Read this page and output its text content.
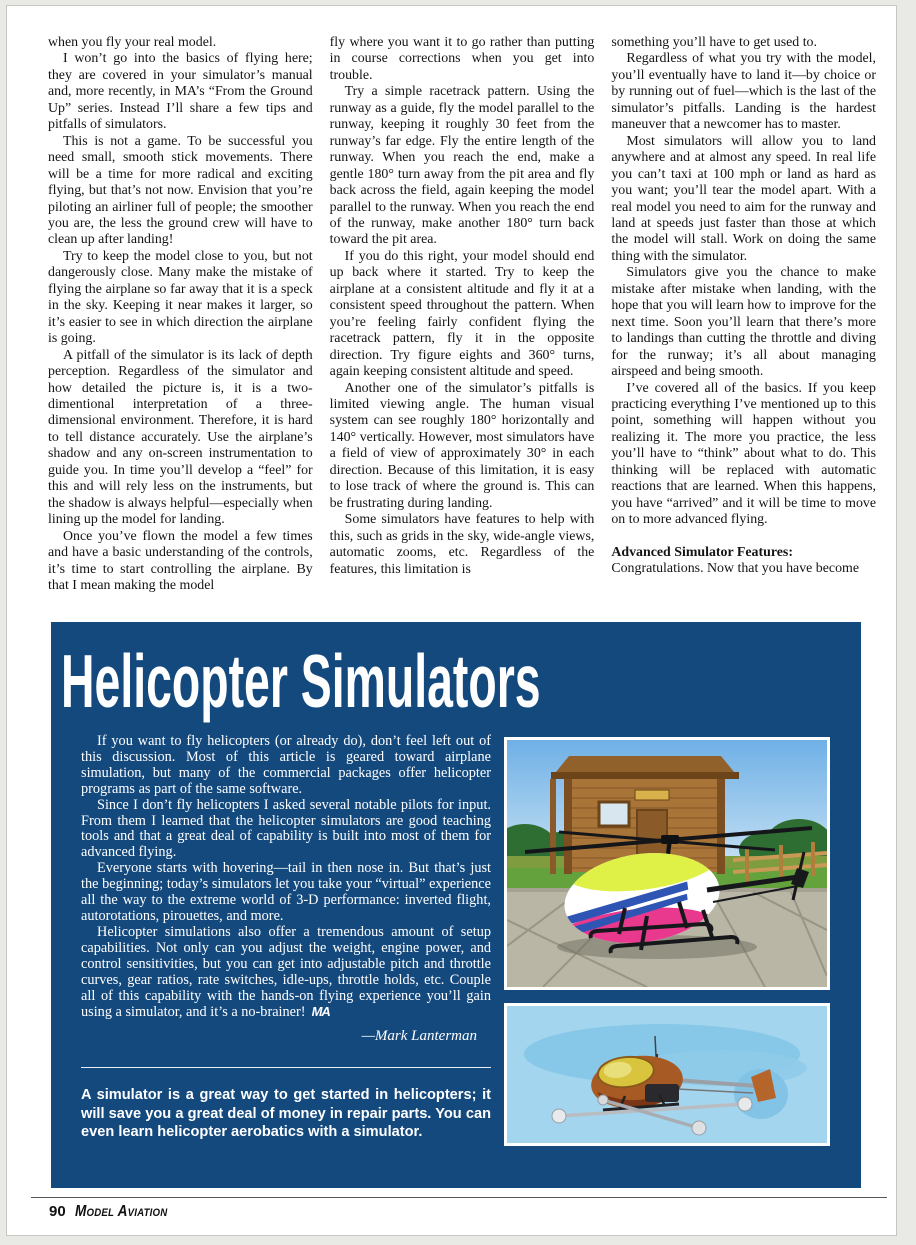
when you fly your real model.

I won’t go into the basics of flying here; they are covered in your simulator’s manual and, more recently, in MA’s “From the Ground Up” series. Instead I’ll share a few tips and pitfalls of simulators.

This is not a game. To be successful you need small, smooth stick movements. There will be a time for more radical and exciting flying, but that’s not now. Envision that you’re piloting an airliner full of people; the smoother you are, the less the ground crew will have to clean up after landing!

Try to keep the model close to you, but not dangerously close. Many make the mistake of flying the airplane so far away that it is a speck in the sky. Keeping it near makes it larger, so it’s easier to see in which direction the airplane is going.

A pitfall of the simulator is its lack of depth perception. Regardless of the simulator and how detailed the picture is, it is a two-dimentional interpretation of a three-dimensional environment. Therefore, it is hard to tell distance accurately. Use the airplane’s shadow and any on-screen instrumentation to guide you. In time you’ll develop a “feel” for this and will rely less on the instruments, but the shadow is always helpful—especially when lining up the model for landing.

Once you’ve flown the model a few times and have a basic understanding of the controls, it’s time to start controlling the airplane. By that I mean making the model

fly where you want it to go rather than putting in course corrections when you get into trouble.

Try a simple racetrack pattern. Using the runway as a guide, fly the model parallel to the runway, keeping it roughly 30 feet from the runway’s far edge. Fly the entire length of the runway. When you reach the end, make a gentle 180° turn away from the pit area and fly back across the field, again keeping the model parallel to the runway. When you reach the end of the runway, make another 180° turn back toward the pit area.

If you do this right, your model should end up back where it started. Try to keep the airplane at a consistent altitude and fly it at a consistent speed throughout the pattern. When you’re feeling fairly confident flying the racetrack pattern, fly it in the opposite direction. Try figure eights and 360° turns, again keeping consistent altitude and speed.

Another one of the simulator’s pitfalls is limited viewing angle. The human visual system can see roughly 180° horizontally and 140° vertically. However, most simulators have a field of view of approximately 30° in each direction. Because of this limitation, it is easy to lose track of where the ground is. This can be frustrating during landing.

Some simulators have features to help with this, such as grids in the sky, wide-angle views, automatic zooms, etc. Regardless of the features, this limitation is

something you’ll have to get used to.

Regardless of what you try with the model, you’ll eventually have to land it—by choice or by running out of fuel—which is the last of the simulator’s pitfalls. Landing is the hardest maneuver that a newcomer has to master.

Most simulators will allow you to land anywhere and at almost any speed. In real life you can’t taxi at 100 mph or land as hard as you want; you’ll tear the model apart. With a real model you need to aim for the runway and land at speeds just faster than those at which the model will stall. Work on doing the same thing with the simulator.

Simulators give you the chance to make mistake after mistake when landing, with the hope that you will learn how to improve for the next time. Soon you’ll learn that there’s more to landings than cutting the throttle and diving for the runway; it’s all about managing airspeed and being smooth.

I’ve covered all of the basics. If you keep practicing everything I’ve mentioned up to this point, something will happen without you realizing it. The more you practice, the less you’ll have to “think” about what to do. This thinking will be replaced with automatic reactions that are learned. When this happens, you have “arrived” and it will be time to move on to more advanced flying.

Advanced Simulator Features:

Congratulations. Now that you have become

Helicopter Simulators

If you want to fly helicopters (or already do), don’t feel left out of this discussion. Most of this article is geared toward airplane simulation, but many of the commercial packages offer helicopter programs as part of the same software.

Since I don’t fly helicopters I asked several notable pilots for input. From them I learned that the helicopter simulators are good teaching tools and that a great deal of capability is built into most of them for advanced flying.

Everyone starts with hovering—tail in then nose in. But that’s just the beginning; today’s simulators let you take your “virtual” experience all the way to the extreme world of 3-D performance: inverted flight, autorotations, pirouettes, and more.

Helicopter simulations also offer a tremendous amount of setup capabilities. Not only can you adjust the weight, engine power, and control sensitivities, but you can get into adjustable pitch and throttle curves, gear ratios, rate switches, idle-ups, throttle holds, etc. Couple all of this capability with the hands-on flying experience you’ll gain using a simulator, and it’s a no-brainer! MA

—Mark Lanterman

A simulator is a great way to get started in helicopters; it will save you a great deal of money in repair parts. You can even learn helicopter aerobatics with a simulator.

90 Model Aviation
